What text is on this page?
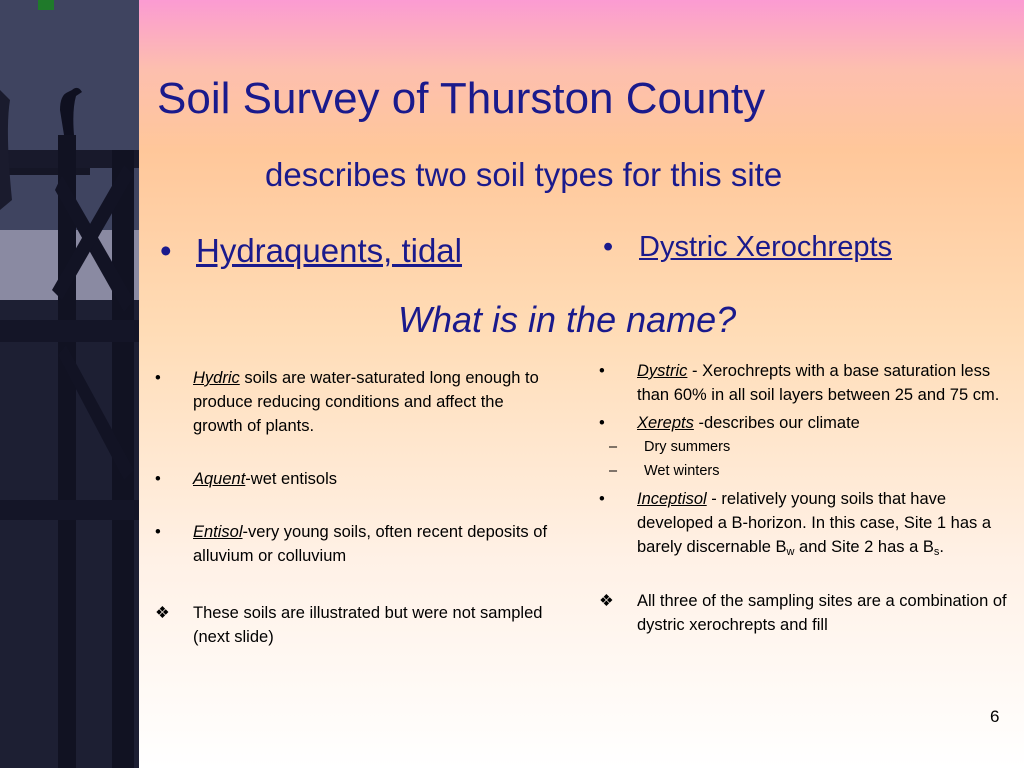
Soil Survey of Thurston County

describes two soil types for this site

• Hydraquents, tidal	• Dystric Xerochrepts

What is in the name?

• Hydric soils are water-saturated long enough to produce reducing conditions and affect the growth of plants.
• Aquent-wet entisols
• Entisol-very young soils, often recent deposits of alluvium or colluvium
❖ These soils are illustrated but were not sampled (next slide)
• Dystric - Xerochrepts with a base saturation less than 60% in all soil layers between 25 and 75 cm.
• Xerepts -describes our climate
– Dry summers
– Wet winters
• Inceptisol - relatively young soils that have developed a B-horizon. In this case, Site 1 has a barely discernable $B_w$ and Site 2 has a $B_s$.
❖ All three of the sampling sites are a combination of dystric xerochrepts and fill
6
